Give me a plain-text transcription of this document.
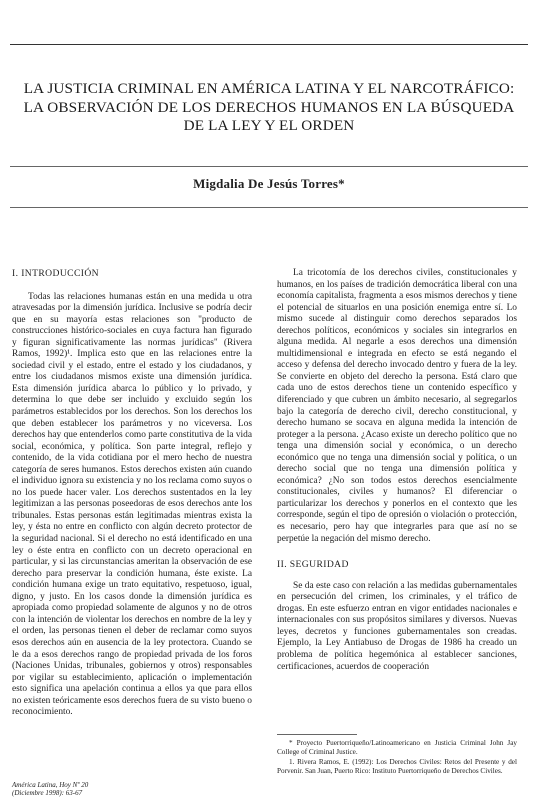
LA JUSTICIA CRIMINAL EN AMÉRICA LATINA Y EL NARCOTRÁFICO:
LA OBSERVACIÓN DE LOS DERECHOS HUMANOS EN LA BÚSQUEDA
DE LA LEY Y EL ORDEN
Migdalia De Jesús Torres*
I. INTRODUCCIÓN

Todas las relaciones humanas están en una medida u otra atravesadas por la dimensión jurídica. Inclusive se podría decir que en su mayoría estas relaciones son "producto de construcciones histórico-sociales en cuya factura han figurado y figuran significativamente las normas jurídicas" (Rivera Ramos, 1992)¹. Implica esto que en las relaciones entre la sociedad civil y el estado, entre el estado y los ciudadanos, y entre los ciudadanos mismos existe una dimensión jurídica. Esta dimensión jurídica abarca lo público y lo privado, y determina lo que debe ser incluido y excluido según los parámetros establecidos por los derechos. Son los derechos los que deben establecer los parámetros y no viceversa. Los derechos hay que entenderlos como parte constitutiva de la vida social, económica, y política. Son parte integral, reflejo y contenido, de la vida cotidiana por el mero hecho de nuestra categoría de seres humanos. Estos derechos existen aún cuando el individuo ignora su existencia y no los reclama como suyos o no los puede hacer valer. Los derechos sustentados en la ley legitimizan a las personas poseedoras de esos derechos ante los tribunales. Estas personas están legitimadas mientras exista la ley, y ésta no entre en conflicto con algún decreto protector de la seguridad nacional. Si el derecho no está identificado en una ley o éste entra en conflicto con un decreto operacional en particular, y si las circunstancias ameritan la observación de ese derecho para preservar la condición humana, éste existe. La condición humana exige un trato equitativo, respetuoso, igual, digno, y justo. En los casos donde la dimensión jurídica es apropiada como propiedad solamente de algunos y no de otros con la intención de violentar los derechos en nombre de la ley y el orden, las personas tienen el deber de reclamar como suyos esos derechos aún en ausencia de la ley protectora. Cuando se le da a esos derechos rango de propiedad privada de los foros (Naciones Unidas, tribunales, gobiernos y otros) responsables por vigilar su establecimiento, aplicación o implementación esto significa una apelación continua a ellos ya que para ellos no existen teóricamente esos derechos fuera de su visto bueno o reconocimiento.

La tricotomía de los derechos civiles, constitucionales y humanos, en los países de tradición democrática liberal con una economía capitalista, fragmenta a esos mismos derechos y tiene el potencial de situarlos en una posición enemiga entre sí. Lo mismo sucede al distinguir como derechos separados los derechos políticos, económicos y sociales sin integrarlos en alguna medida. Al negarle a esos derechos una dimensión multidimensional e integrada en efecto se está negando el acceso y defensa del derecho invocado dentro y fuera de la ley. Se convierte en objeto del derecho la persona. Está claro que cada uno de estos derechos tiene un contenido específico y diferenciado y que cubren un ámbito necesario, al segregarlos bajo la categoría de derecho civil, derecho constitucional, y derecho humano se socava en alguna medida la intención de proteger a la persona. ¿Acaso existe un derecho político que no tenga una dimensión social y económica, o un derecho económico que no tenga una dimensión social y política, o un derecho social que no tenga una dimensión política y económica? ¿No son todos estos derechos esencialmente constitucionales, civiles y humanos? El diferenciar o particularizar los derechos y ponerlos en el contexto que les corresponde, según el tipo de opresión o violación o protección, es necesario, pero hay que integrarles para que así no se perpetúe la negación del mismo derecho.

II. SEGURIDAD

Se da este caso con relación a las medidas gubernamentales en persecución del crimen, los criminales, y el tráfico de drogas. En este esfuerzo entran en vigor entidades nacionales e internacionales con sus propósitos similares y diversos. Nuevas leyes, decretos y funciones gubernamentales son creadas. Ejemplo, la Ley Antiabuso de Drogas de 1986 ha creado un problema de política hegemónica al establecer sanciones, certificaciones, acuerdos de cooperación

* Proyecto Puertorriqueño/Latinoamericano en Justicia Criminal John Jay College of Criminal Justice.

1. Rivera Ramos, E. (1992): Los Derechos Civiles: Retos del Presente y del Porvenir. San Juan, Puerto Rico: Instituto Puertorriqueño de Derechos Civiles.

América Latina, Hoy Nº 20
(Diciembre 1998): 63-67
